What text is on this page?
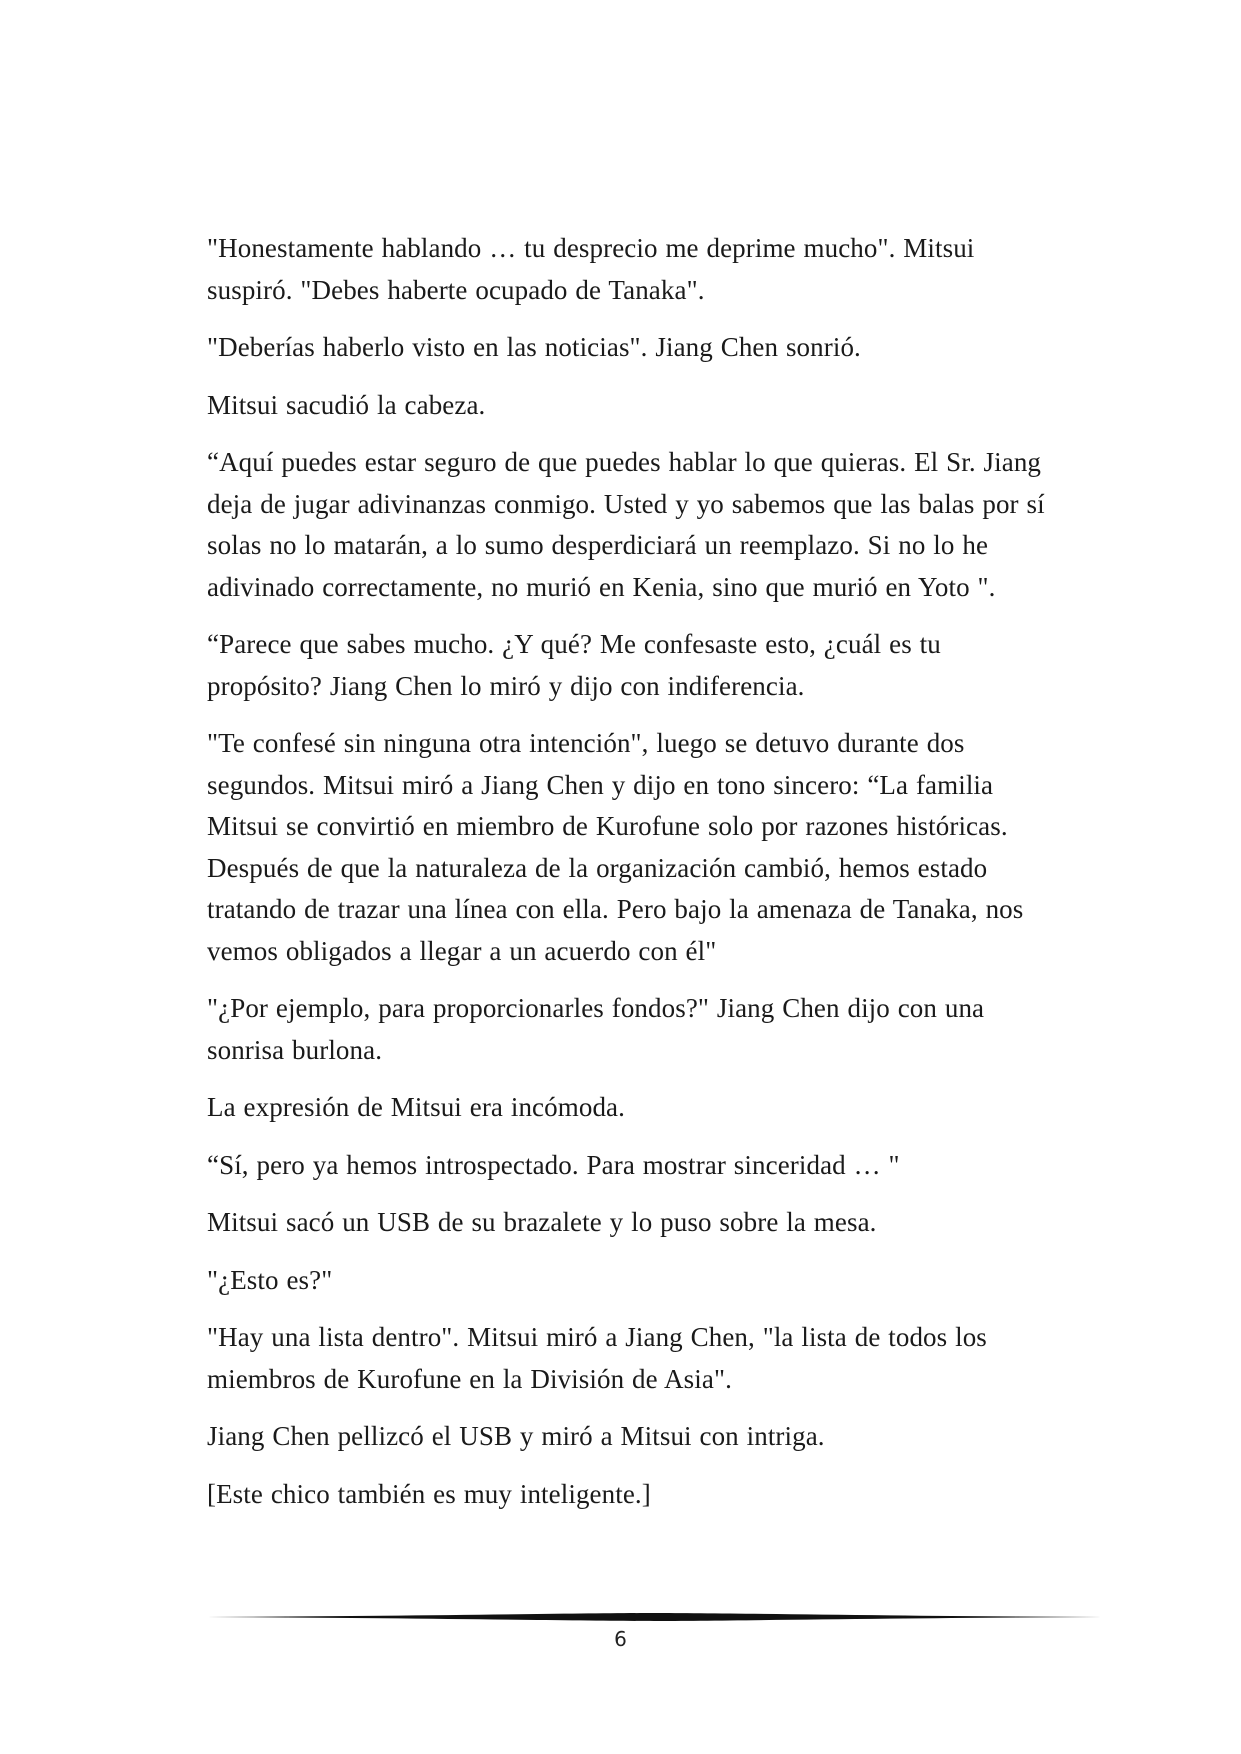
"Honestamente hablando … tu desprecio me deprime mucho". Mitsui suspiró. "Debes haberte ocupado de Tanaka".

"Deberías haberlo visto en las noticias". Jiang Chen sonrió.

Mitsui sacudió la cabeza.

“Aquí puedes estar seguro de que puedes hablar lo que quieras. El Sr. Jiang deja de jugar adivinanzas conmigo. Usted y yo sabemos que las balas por sí solas no lo matarán, a lo sumo desperdiciará un reemplazo. Si no lo he adivinado correctamente, no murió en Kenia, sino que murió en Yoto ".

“Parece que sabes mucho. ¿Y qué? Me confesaste esto, ¿cuál es tu propósito? Jiang Chen lo miró y dijo con indiferencia.

"Te confesé sin ninguna otra intención", luego se detuvo durante dos segundos. Mitsui miró a Jiang Chen y dijo en tono sincero: “La familia Mitsui se convirtió en miembro de Kurofune solo por razones históricas. Después de que la naturaleza de la organización cambió, hemos estado tratando de trazar una línea con ella. Pero bajo la amenaza de Tanaka, nos vemos obligados a llegar a un acuerdo con él"

"¿Por ejemplo, para proporcionarles fondos?" Jiang Chen dijo con una sonrisa burlona.

La expresión de Mitsui era incómoda.

“Sí, pero ya hemos introspectado. Para mostrar sinceridad … "

Mitsui sacó un USB de su brazalete y lo puso sobre la mesa.

"¿Esto es?"

"Hay una lista dentro". Mitsui miró a Jiang Chen, "la lista de todos los miembros de Kurofune en la División de Asia".

Jiang Chen pellizcó el USB y miró a Mitsui con intriga.

[Este chico también es muy inteligente.]

6
